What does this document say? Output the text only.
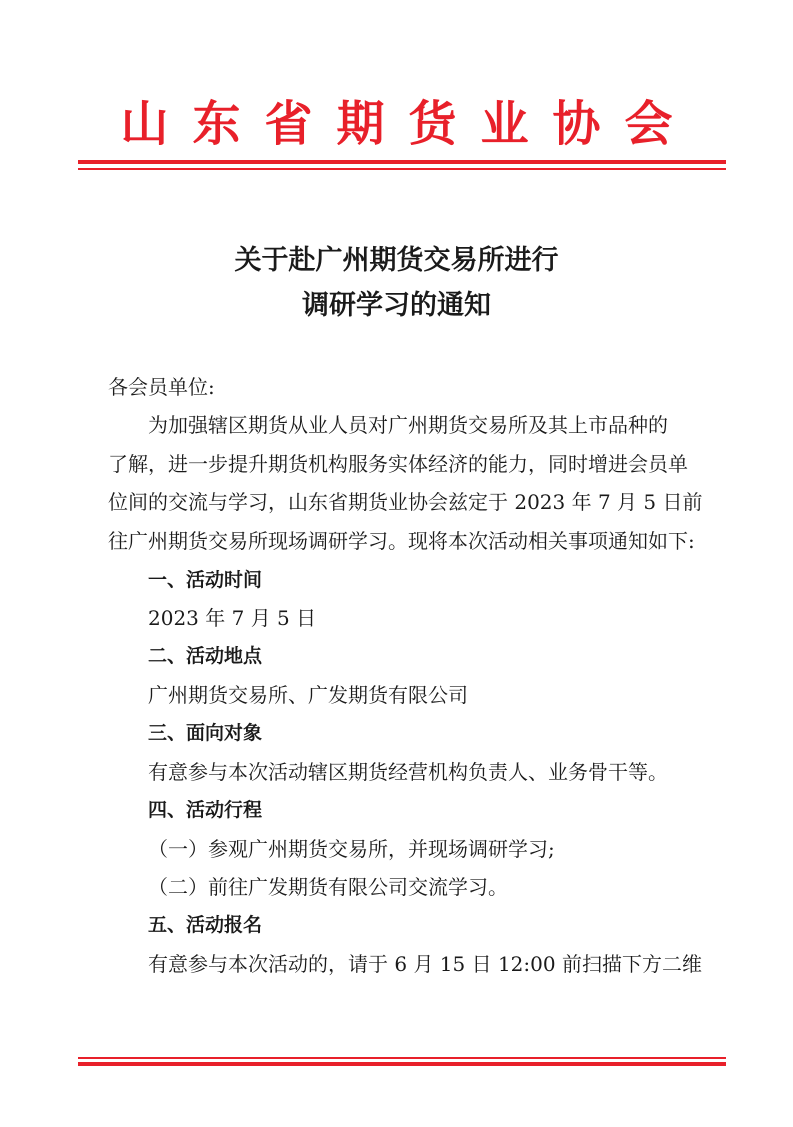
山东省期货业协会
关于赴广州期货交易所进行
调研学习的通知
各会员单位:
为加强辖区期货从业人员对广州期货交易所及其上市品种的
了解，进一步提升期货机构服务实体经济的能力，同时增进会员单
位间的交流与学习，山东省期货业协会兹定于 2023 年 7 月 5 日前
往广州期货交易所现场调研学习。现将本次活动相关事项通知如下:
一、活动时间
2023 年 7 月 5 日
二、活动地点
广州期货交易所、广发期货有限公司
三、面向对象
有意参与本次活动辖区期货经营机构负责人、业务骨干等。
四、活动行程
（一）参观广州期货交易所，并现场调研学习;
（二）前往广发期货有限公司交流学习。
五、活动报名
有意参与本次活动的，请于 6 月 15 日 12:00 前扫描下方二维
